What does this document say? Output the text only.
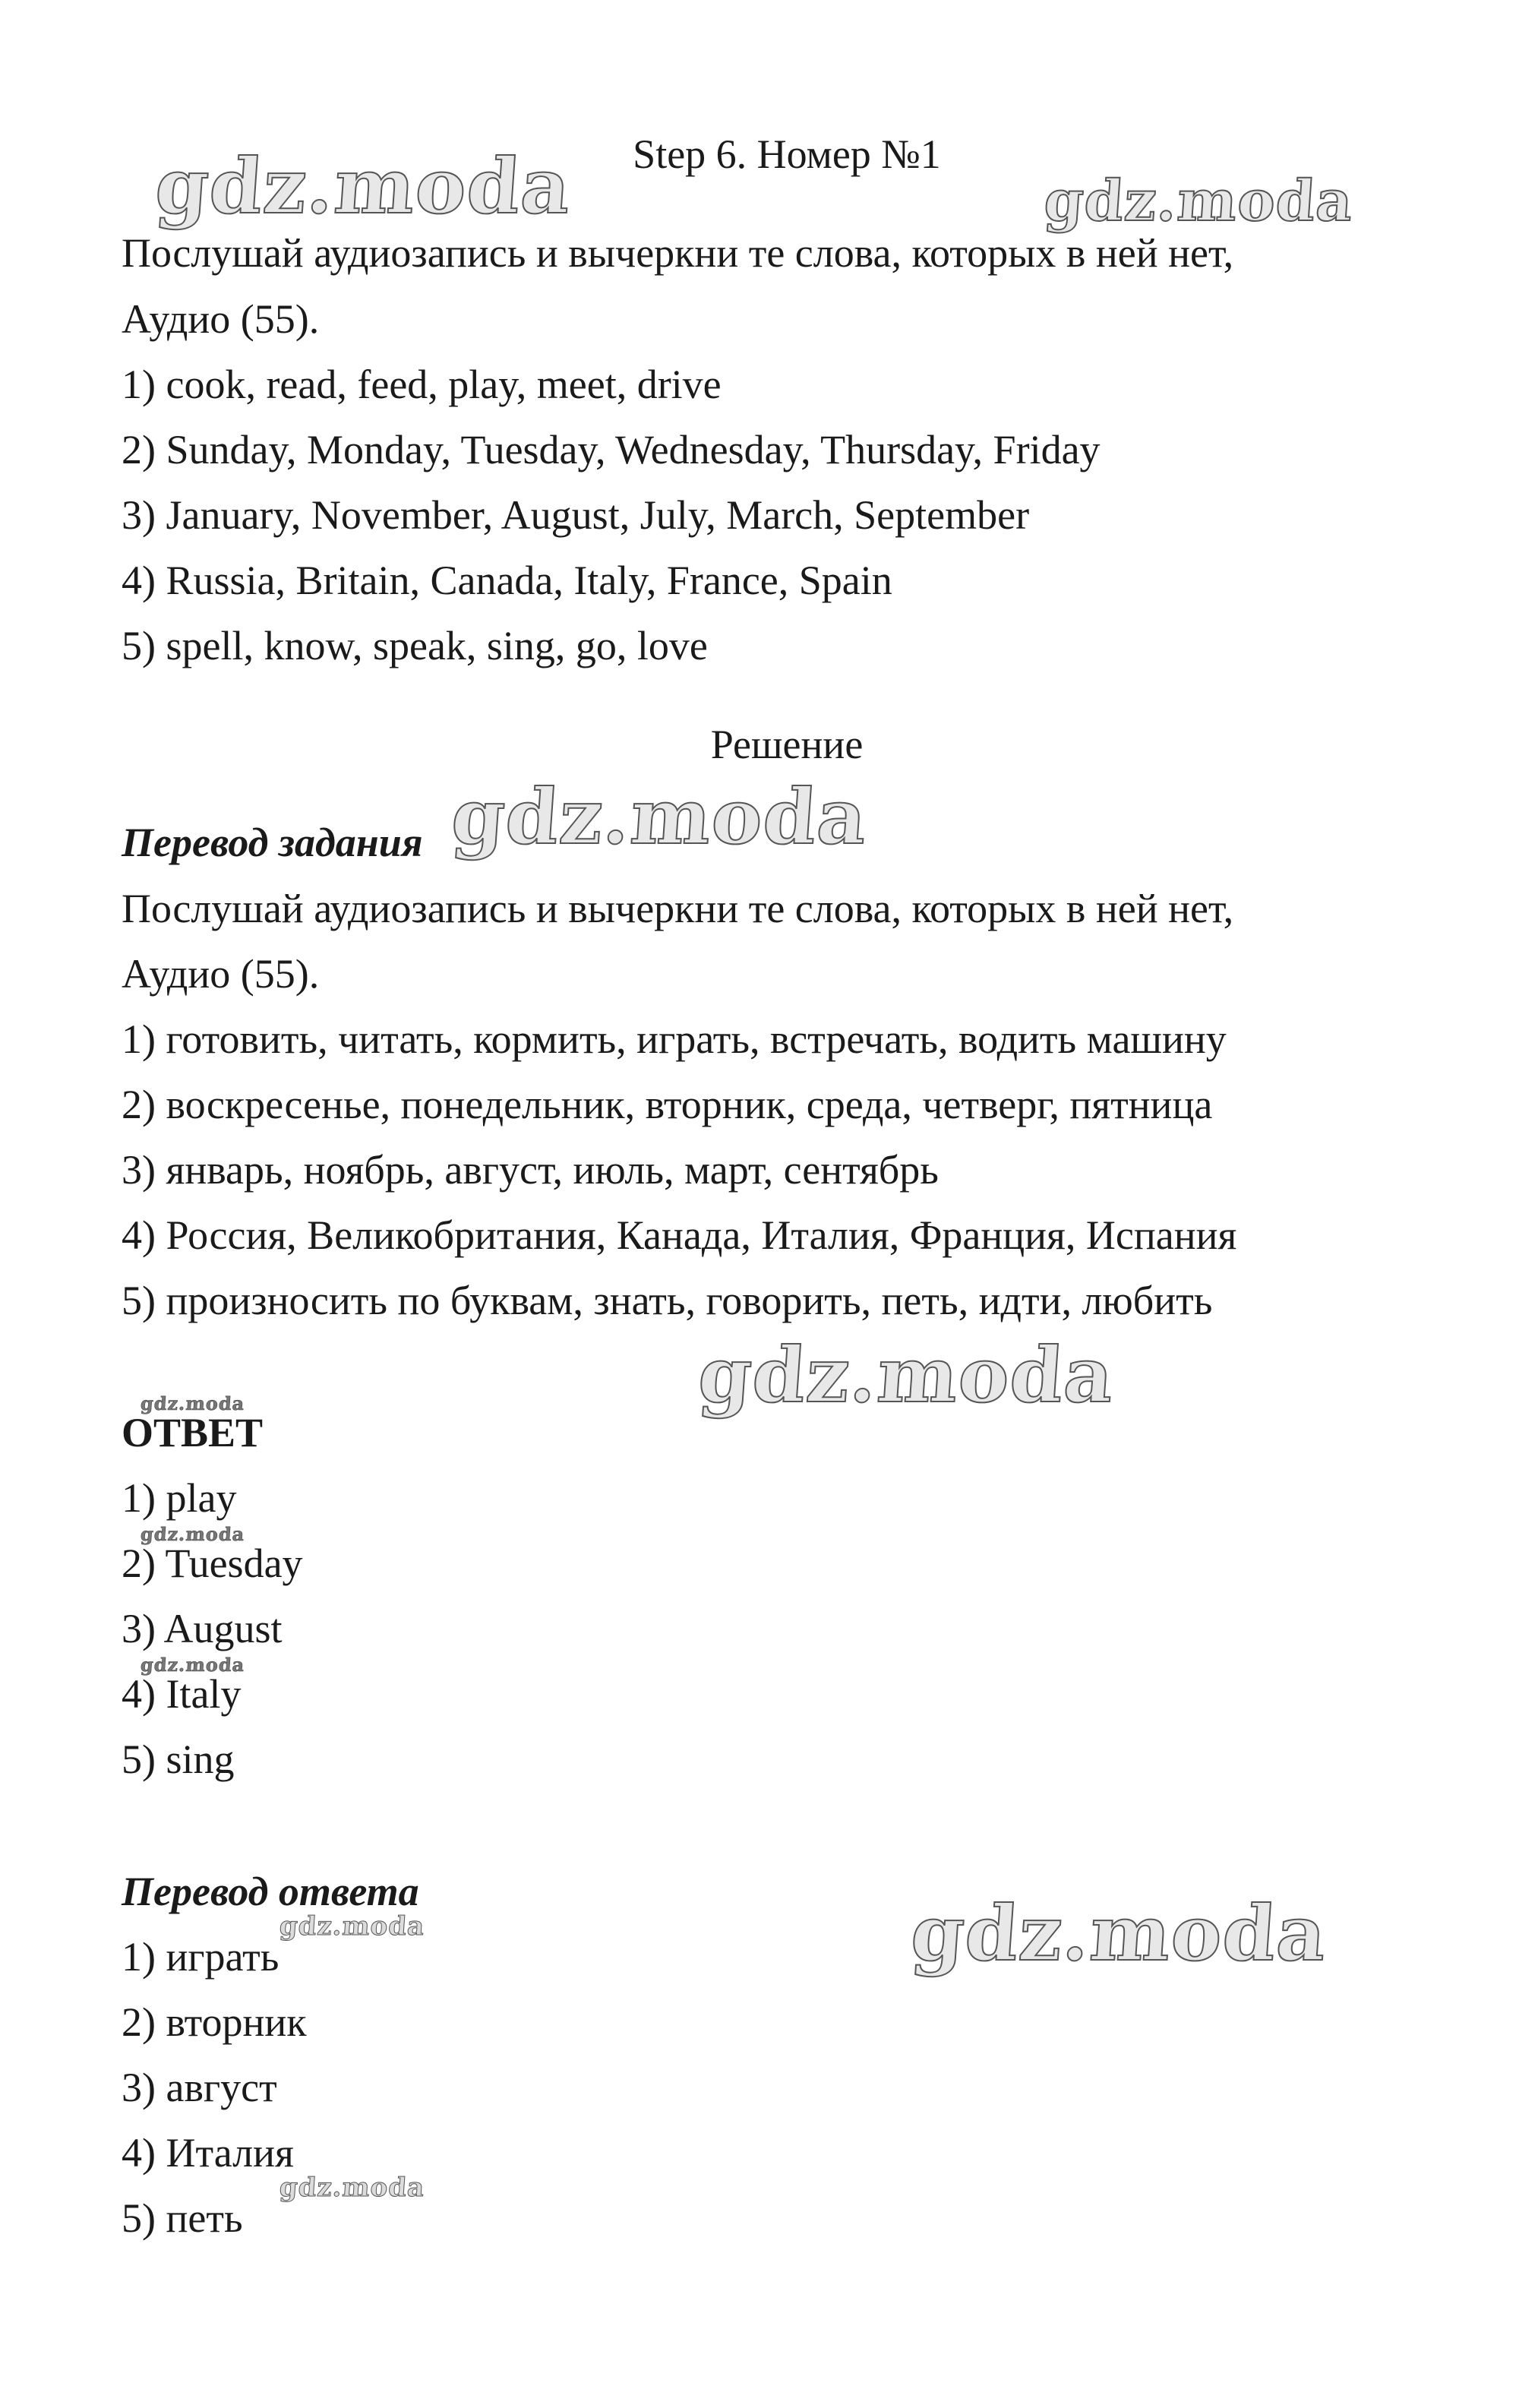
Step 6. Номер №1
Послушай аудиозапись и вычеркни те слова, которых в ней нет,
Аудио (55).
1) cook, read, feed, play, meet, drive
2) Sunday, Monday, Tuesday, Wednesday, Thursday, Friday
3) January, November, August, July, March, September
4) Russia, Britain, Canada, Italy, France, Spain
5) spell, know, speak, sing, go, love
Решение
Перевод задания
Послушай аудиозапись и вычеркни те слова, которых в ней нет,
Аудио (55).
1) готовить, читать, кормить, играть, встречать, водить машину
2) воскресенье, понедельник, вторник, среда, четверг, пятница
3) январь, ноябрь, август, июль, март, сентябрь
4) Россия, Великобритания, Канада, Италия, Франция, Испания
5) произносить по буквам, знать, говорить, петь, идти, любить
ОТВЕТ
1) play
2) Tuesday
3) August
4) Italy
5) sing
Перевод ответа
1) играть
2) вторник
3) август
4) Италия
5) петь
gdz.moda	gdz.moda
gdz.moda
gdz.moda
gdz.moda
gdz.moda
gdz.moda
gdz.moda
gdz.moda
gdz.moda
